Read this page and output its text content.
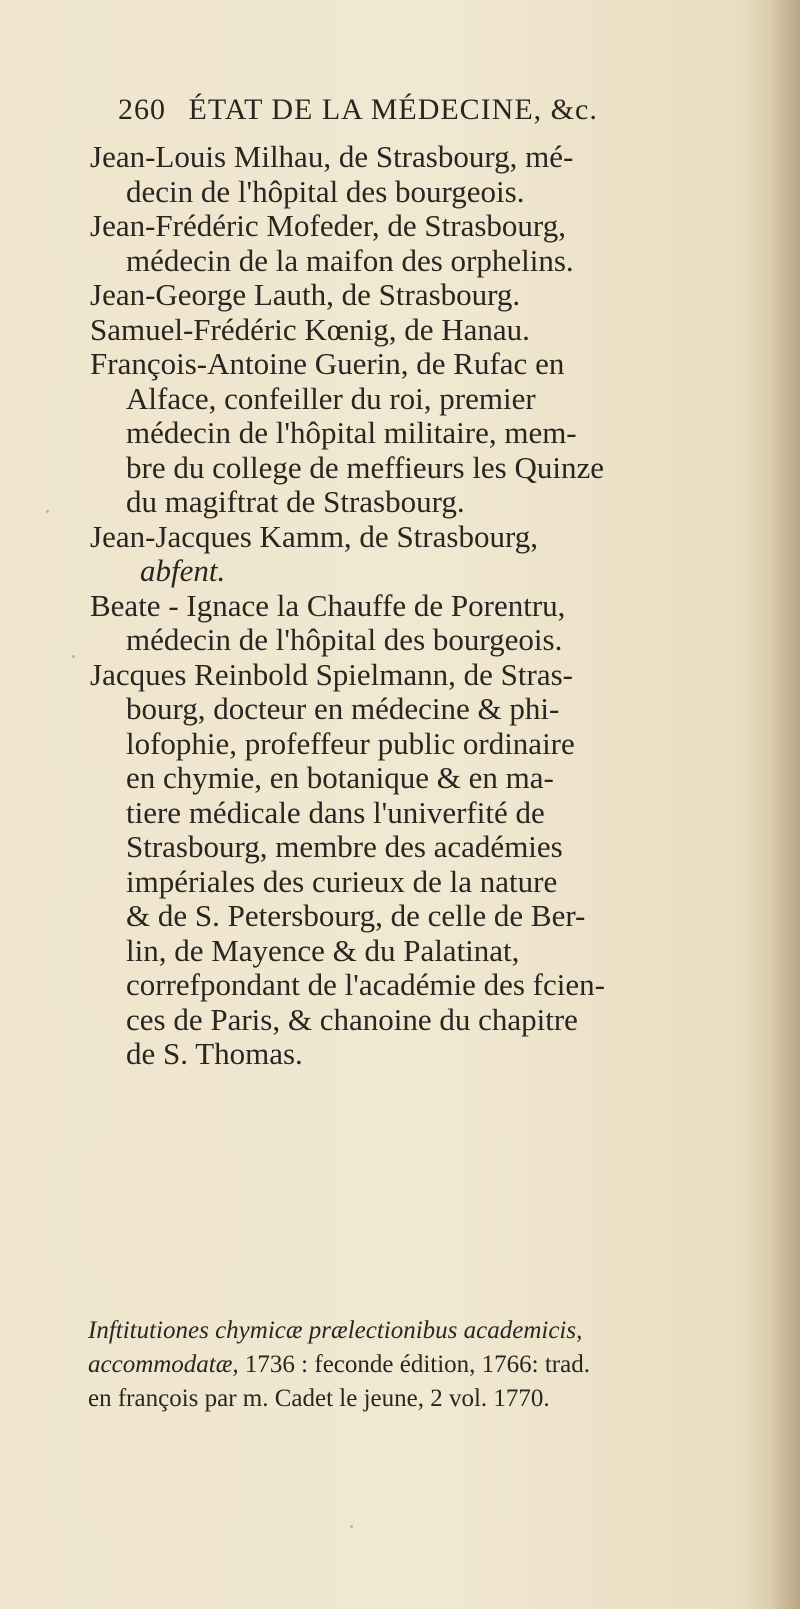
260 ÉTAT DE LA MÉDECINE, &c.
Jean-Louis Milhau, de Strasbourg, mé-
decin de l'hôpital des bourgeois.
Jean-Frédéric Mofeder, de Strasbourg,
médecin de la maifon des orphelins.
Jean-George Lauth, de Strasbourg.
Samuel-Frédéric Kœnig, de Hanau.
François-Antoine Guerin, de Rufac en
Alface, confeiller du roi, premier
médecin de l'hôpital militaire, mem-
bre du college de meffieurs les Quinze
du magiftrat de Strasbourg.
Jean-Jacques Kamm, de Strasbourg,
abfent.
Beate - Ignace la Chauffe de Porentru,
médecin de l'hôpital des bourgeois.
Jacques Reinbold Spielmann, de Stras-
bourg, docteur en médecine & phi-
lofophie, profeffeur public ordinaire
en chymie, en botanique & en ma-
tiere médicale dans l'univerfité de
Strasbourg, membre des académies
impériales des curieux de la nature
& de S. Petersbourg, de celle de Ber-
lin, de Mayence & du Palatinat,
correfpondant de l'académie des fcien-
ces de Paris, & chanoine du chapitre
de S. Thomas.
Inftitutiones chymicæ prælectionibus academicis,
accommodatæ, 1736 : feconde édition, 1766: trad.
en françois par m. Cadet le jeune, 2 vol. 1770.
